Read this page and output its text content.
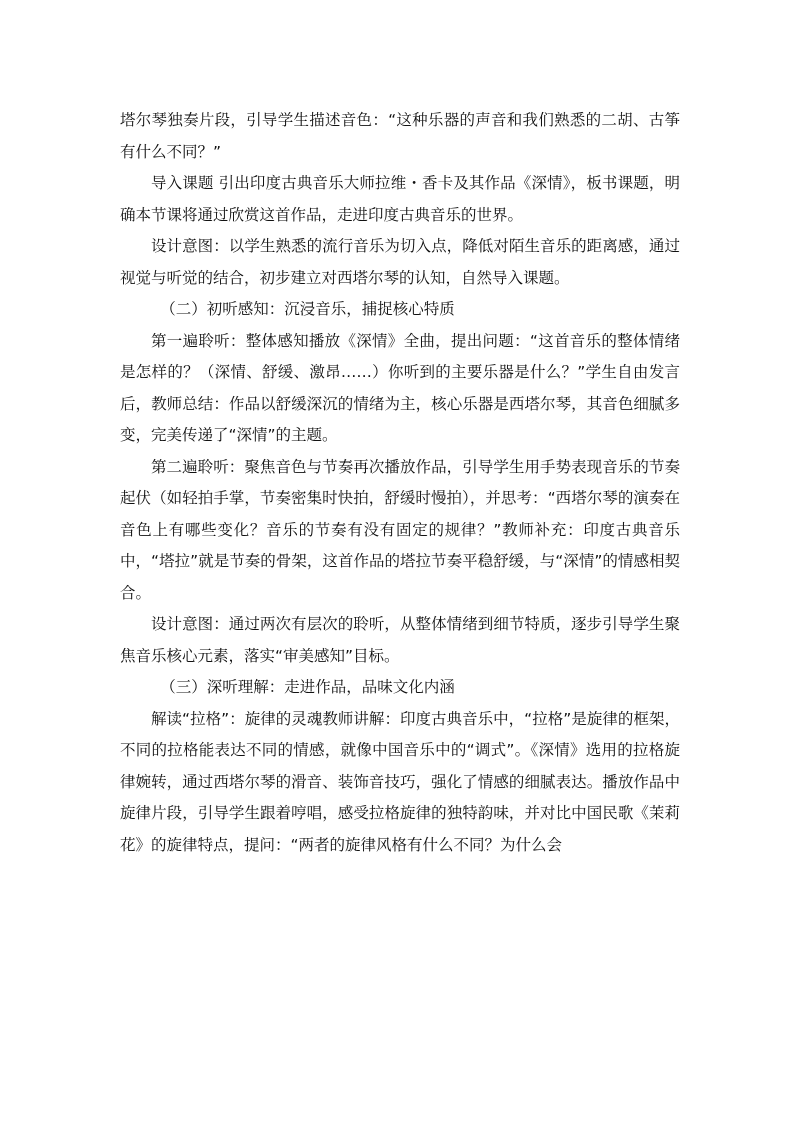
塔尔琴独奏片段，引导学生描述音色：“这种乐器的声音和我们熟悉的二胡、古筝有什么不同？”

导入课题 引出印度古典音乐大师拉维・香卡及其作品《深情》，板书课题，明确本节课将通过欣赏这首作品，走进印度古典音乐的世界。

设计意图：以学生熟悉的流行音乐为切入点，降低对陌生音乐的距离感，通过视觉与听觉的结合，初步建立对西塔尔琴的认知，自然导入课题。

（二）初听感知：沉浸音乐，捕捉核心特质

第一遍聆听：整体感知播放《深情》全曲，提出问题：“这首音乐的整体情绪是怎样的？（深情、舒缓、激昂……）你听到的主要乐器是什么？”学生自由发言后，教师总结：作品以舒缓深沉的情绪为主，核心乐器是西塔尔琴，其音色细腻多变，完美传递了“深情”的主题。

第二遍聆听：聚焦音色与节奏再次播放作品，引导学生用手势表现音乐的节奏起伏（如轻拍手掌，节奏密集时快拍，舒缓时慢拍），并思考：“西塔尔琴的演奏在音色上有哪些变化？音乐的节奏有没有固定的规律？”教师补充：印度古典音乐中，“塔拉”就是节奏的骨架，这首作品的塔拉节奏平稳舒缓，与“深情”的情感相契合。

设计意图：通过两次有层次的聆听，从整体情绪到细节特质，逐步引导学生聚焦音乐核心元素，落实“审美感知”目标。

（三）深听理解：走进作品，品味文化内涵

解读“拉格”：旋律的灵魂教师讲解：印度古典音乐中，“拉格”是旋律的框架，不同的拉格能表达不同的情感，就像中国音乐中的“调式”。《深情》选用的拉格旋律婉转，通过西塔尔琴的滑音、装饰音技巧，强化了情感的细腻表达。播放作品中旋律片段，引导学生跟着哼唱，感受拉格旋律的独特韵味，并对比中国民歌《茉莉花》的旋律特点，提问：“两者的旋律风格有什么不同？为什么会
